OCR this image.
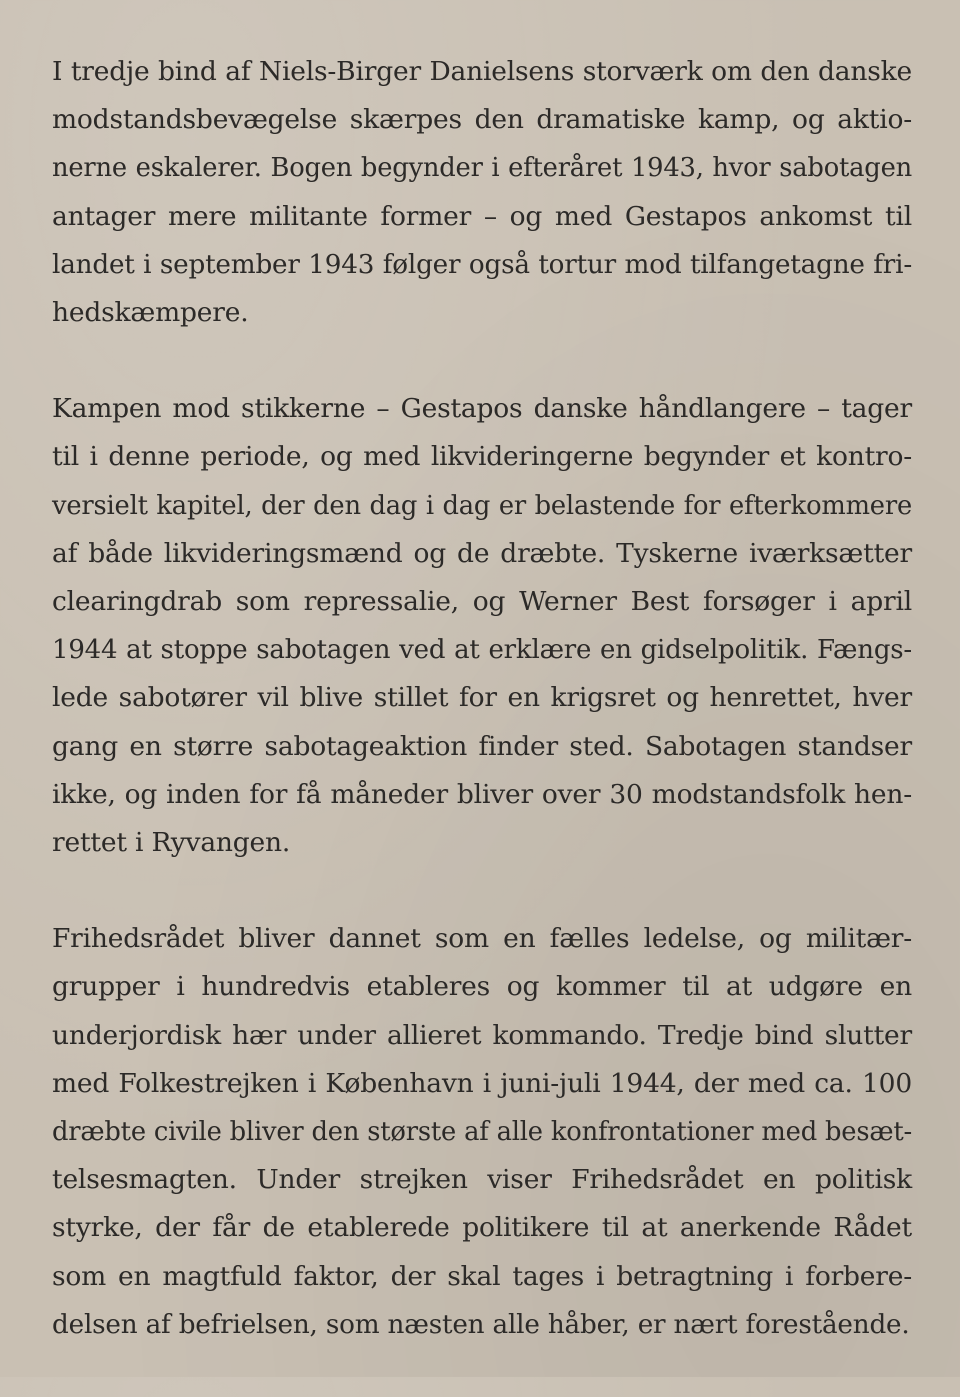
I tredje bind af Niels-Birger Danielsens storværk om den danske
modstandsbevægelse skærpes den dramatiske kamp, og aktio-
nerne eskalerer. Bogen begynder i efteråret 1943, hvor sabotagen
antager mere militante former – og med Gestapos ankomst til
landet i september 1943 følger også tortur mod tilfangetagne fri-
hedskæmpere.
Kampen mod stikkerne – Gestapos danske håndlangere – tager
til i denne periode, og med likvideringerne begynder et kontro-
versielt kapitel, der den dag i dag er belastende for efterkommere
af både likvideringsmænd og de dræbte. Tyskerne iværksætter
clearingdrab som repressalie, og Werner Best forsøger i april
1944 at stoppe sabotagen ved at erklære en gidselpolitik. Fængs-
lede sabotører vil blive stillet for en krigsret og henrettet, hver
gang en større sabotageaktion finder sted. Sabotagen standser
ikke, og inden for få måneder bliver over 30 modstandsfolk hen-
rettet i Ryvangen.
Frihedsrådet bliver dannet som en fælles ledelse, og militær-
grupper i hundredvis etableres og kommer til at udgøre en
underjordisk hær under allieret kommando. Tredje bind slutter
med Folkestrejken i København i juni-juli 1944, der med ca. 100
dræbte civile bliver den største af alle konfrontationer med besæt-
telsesmagten. Under strejken viser Frihedsrådet en politisk
styrke, der får de etablerede politikere til at anerkende Rådet
som en magtfuld faktor, der skal tages i betragtning i forbere-
delsen af befrielsen, som næsten alle håber, er nært forestående.
